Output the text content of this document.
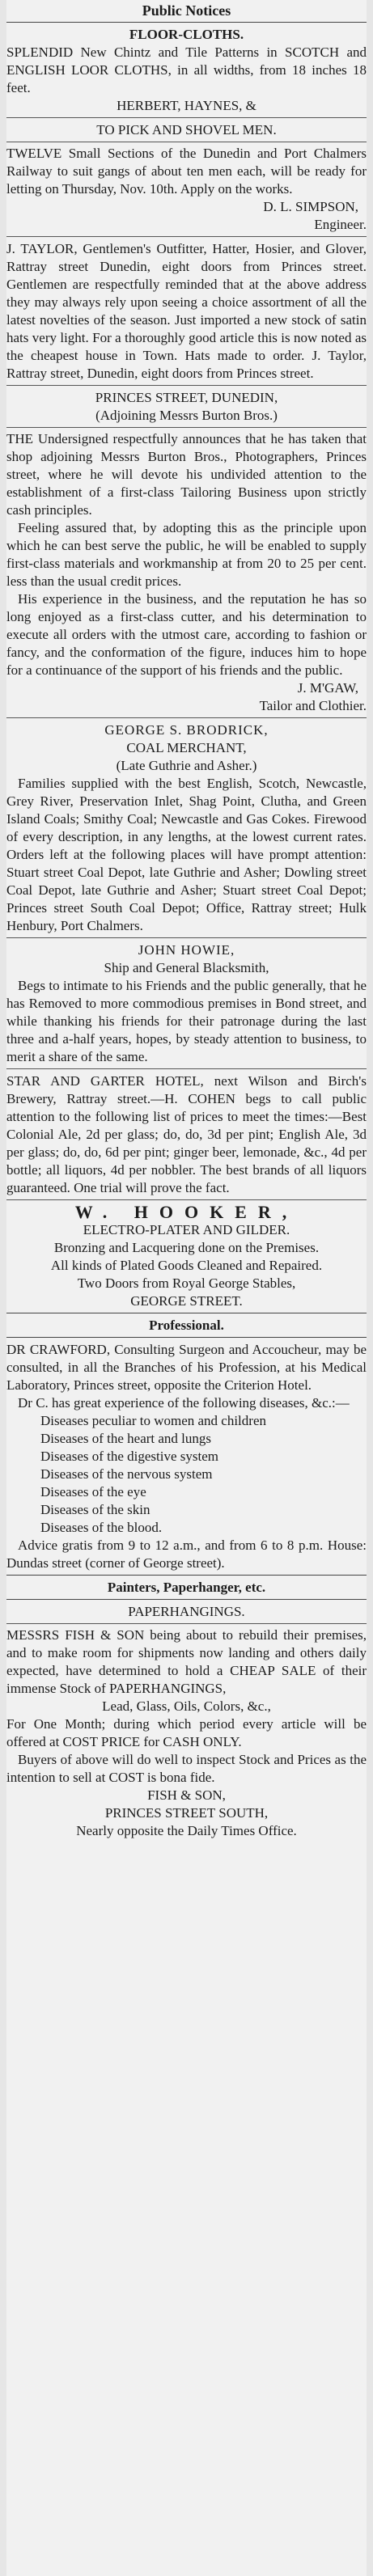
Public Notices

FLOOR-CLOTHS.

SPLENDID New Chintz and Tile Patterns in SCOTCH and ENGLISH LOOR CLOTHS, in all widths, from 18 inches 18 feet.

HERBERT, HAYNES, &

TO PICK AND SHOVEL MEN.

TWELVE Small Sections of the Dunedin and Port Chalmers Railway to suit gangs of about ten men each, will be ready for letting on Thursday, Nov. 10th. Apply on the works.

D. L. SIMPSON,

Engineer.

J. TAYLOR, Gentlemen's Outfitter, Hatter, Hosier, and Glover, Rattray street Dunedin, eight doors from Princes street. Gentlemen are respectfully reminded that at the above address they may always rely upon seeing a choice assortment of all the latest novelties of the season. Just imported a new stock of satin hats very light. For a thoroughly good article this is now noted as the cheapest house in Town. Hats made to order. J. Taylor, Rattray street, Dunedin, eight doors from Princes street.

PRINCES STREET, DUNEDIN,

(Adjoining Messrs Burton Bros.)

THE Undersigned respectfully announces that he has taken that shop adjoining Messrs Burton Bros., Photographers, Princes street, where he will devote his undivided attention to the establishment of a first-class Tailoring Business upon strictly cash principles.

Feeling assured that, by adopting this as the principle upon which he can best serve the public, he will be enabled to supply first-class materials and workmanship at from 20 to 25 per cent. less than the usual credit prices.

His experience in the business, and the reputation he has so long enjoyed as a first-class cutter, and his determination to execute all orders with the utmost care, according to fashion or fancy, and the conformation of the figure, induces him to hope for a continuance of the support of his friends and the public.

J. M'GAW,

Tailor and Clothier.

GEORGE S. BRODRICK,

COAL MERCHANT,

(Late Guthrie and Asher.)

Families supplied with the best English, Scotch, Newcastle, Grey River, Preservation Inlet, Shag Point, Clutha, and Green Island Coals; Smithy Coal; Newcastle and Gas Cokes. Firewood of every description, in any lengths, at the lowest current rates. Orders left at the following places will have prompt attention: Stuart street Coal Depot, late Guthrie and Asher; Dowling street Coal Depot, late Guthrie and Asher; Stuart street Coal Depot; Princes street South Coal Depot; Office, Rattray street; Hulk Henbury, Port Chalmers.

JOHN HOWIE,

Ship and General Blacksmith,

Begs to intimate to his Friends and the public generally, that he has Removed to more commodious premises in Bond street, and while thanking his friends for their patronage during the last three and a-half years, hopes, by steady attention to business, to merit a share of the same.

STAR AND GARTER HOTEL, next Wilson and Birch's Brewery, Rattray street.—H. COHEN begs to call public attention to the following list of prices to meet the times:—Best Colonial Ale, 2d per glass; do, do, 3d per pint; English Ale, 3d per glass; do, do, 6d per pint; ginger beer, lemonade, &c., 4d per bottle; all liquors, 4d per nobbler. The best brands of all liquors guaranteed. One trial will prove the fact.

W. HOOKER,

ELECTRO-PLATER AND GILDER.

Bronzing and Lacquering done on the Premises.

All kinds of Plated Goods Cleaned and Repaired.

Two Doors from Royal George Stables,

GEORGE STREET.

Professional.

DR CRAWFORD, Consulting Surgeon and Accoucheur, may be consulted, in all the Branches of his Profession, at his Medical Laboratory, Princes street, opposite the Criterion Hotel.

Dr C. has great experience of the following diseases, &c.:—

Diseases peculiar to women and children

Diseases of the heart and lungs

Diseases of the digestive system

Diseases of the nervous system

Diseases of the eye

Diseases of the skin

Diseases of the blood.

Advice gratis from 9 to 12 a.m., and from 6 to 8 p.m. House: Dundas street (corner of George street).

Painters, Paperhanger, etc.

PAPERHANGINGS.

MESSRS FISH & SON being about to rebuild their premises, and to make room for shipments now landing and others daily expected, have determined to hold a CHEAP SALE of their immense Stock of PAPERHANGINGS,

Lead, Glass, Oils, Colors, &c.,

For One Month; during which period every article will be offered at COST PRICE for CASH ONLY.

Buyers of above will do well to inspect Stock and Prices as the intention to sell at COST is bona fide.

FISH & SON,

PRINCES STREET SOUTH,

Nearly opposite the Daily Times Office.
